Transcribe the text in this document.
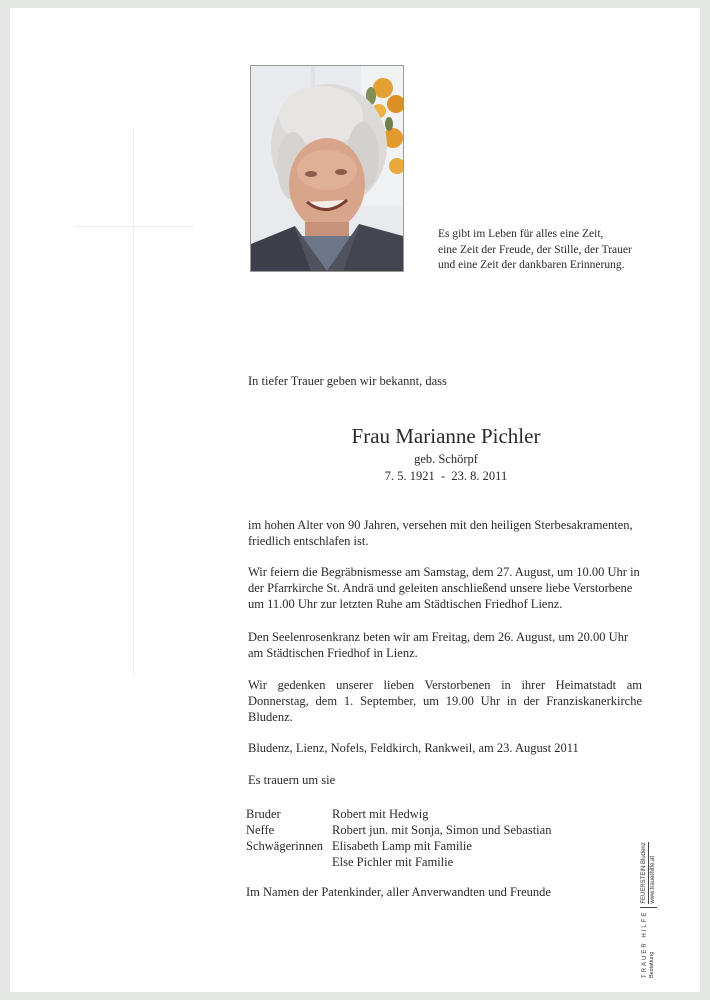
Es gibt im Leben für alles eine Zeit,
eine Zeit der Freude, der Stille, der Trauer
und eine Zeit der dankbaren Erinnerung.
In tiefer Trauer geben wir bekannt, dass
Frau Marianne Pichler
geb. Schörpf
7. 5. 1921  -  23. 8. 2011
im hohen Alter von 90 Jahren, versehen mit den heiligen Sterbesakramenten, friedlich entschlafen ist.
Wir feiern die Begräbnismesse am Samstag, dem 27. August, um 10.00 Uhr in der Pfarrkirche St. Andrä und geleiten anschließend unsere liebe Verstorbene um 11.00 Uhr zur letzten Ruhe am Städtischen Friedhof Lienz.
Den Seelenrosenkranz beten wir am Freitag, dem 26. August, um 20.00 Uhr am Städtischen Friedhof in Lienz.
Wir gedenken unserer lieben Verstorbenen in ihrer Heimatstadt am Donnerstag, dem 1. September, um 19.00 Uhr in der Franziskanerkirche Bludenz.
Bludenz, Lienz, Nofels, Feldkirch, Rankweil, am 23. August 2011
Es trauern um sie
Bruder	Robert mit Hedwig
Neffe	Robert jun. mit Sonja, Simon und Sebastian
Schwägerinnen Elisabeth Lamp mit Familie
Else Pichler mit Familie
Im Namen der Patenkinder, aller Anverwandten und Freunde
TRAUER HILFE Bestattung
FEUERSTEIN Bludenz www.trauerhilfe.at
